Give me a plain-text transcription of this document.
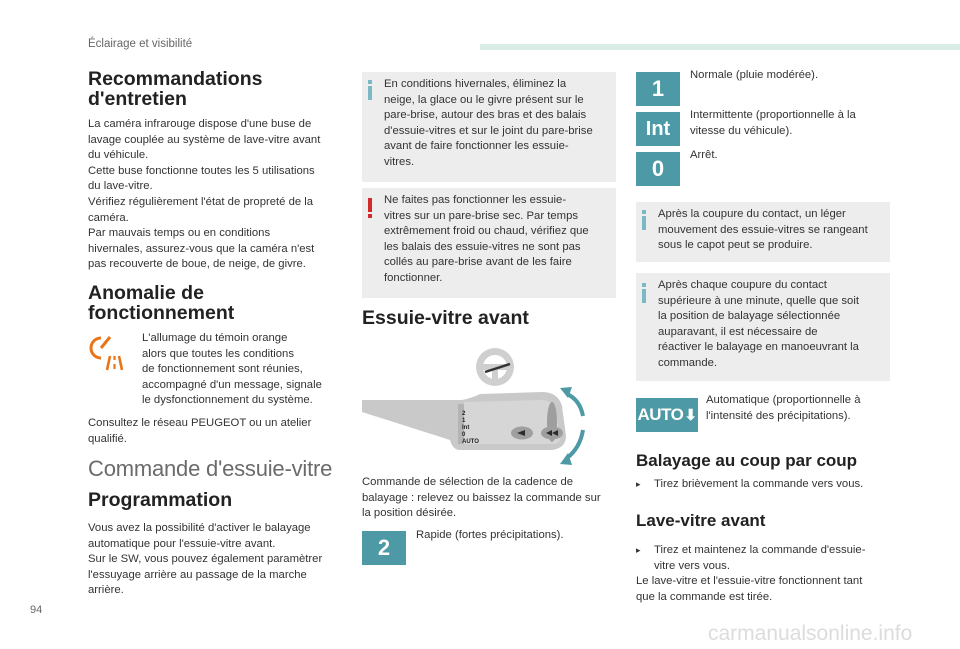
Éclairage et visibilité
Recommandations d'entretien
La caméra infrarouge dispose d'une buse de
lavage couplée au système de lave-vitre avant
du véhicule.
Cette buse fonctionne toutes les 5 utilisations
du lave-vitre.
Vérifiez régulièrement l'état de propreté de la
caméra.
Par mauvais temps ou en conditions
hivernales, assurez-vous que la caméra n'est
pas recouverte de boue, de neige, de givre.
Anomalie de fonctionnement
L'allumage du témoin orange
alors que toutes les conditions
de fonctionnement sont réunies,
accompagné d'un message, signale
le dysfonctionnement du système.
Consultez le réseau PEUGEOT ou un atelier
qualifié.
Commande d'essuie-vitre
Programmation
Vous avez la possibilité d'activer le balayage
automatique pour l'essuie-vitre avant.
Sur le SW, vous pouvez également paramètrer
l'essuyage arrière au passage de la marche
arrière.
En conditions hivernales, éliminez la
neige, la glace ou le givre présent sur le
pare-brise, autour des bras et des balais
d'essuie-vitres et sur le joint du pare-brise
avant de faire fonctionner les essuie-
vitres.
Ne faites pas fonctionner les essuie-
vitres sur un pare-brise sec. Par temps
extrêmement froid ou chaud, vérifiez que
les balais des essuie-vitres ne sont pas
collés au pare-brise avant de les faire
fonctionner.
Essuie-vitre avant
2
1
Int
0
AUTO
Commande de sélection de la cadence de
balayage : relevez ou baissez la commande sur
la position désirée.
2	Rapide (fortes précipitations).
1
Normale (pluie modérée).
Int
Intermittente (proportionnelle à la
vitesse du véhicule).
0
Arrêt.
Après la coupure du contact, un léger
mouvement des essuie-vitres se rangeant
sous le capot peut se produire.
Après chaque coupure du contact
supérieure à une minute, quelle que soit
la position de balayage sélectionnée
auparavant, il est nécessaire de
réactiver le balayage en manoeuvrant la
commande.
AUTO ⬇
Automatique (proportionnelle à
l'intensité des précipitations).
Balayage au coup par coup
▸	Tirez brièvement la commande vers vous.
Lave-vitre avant
▸	Tirez et maintenez la commande d'essuie-
vitre vers vous.
Le lave-vitre et l'essuie-vitre fonctionnent tant
que la commande est tirée.
94
carmanualsonline.info
